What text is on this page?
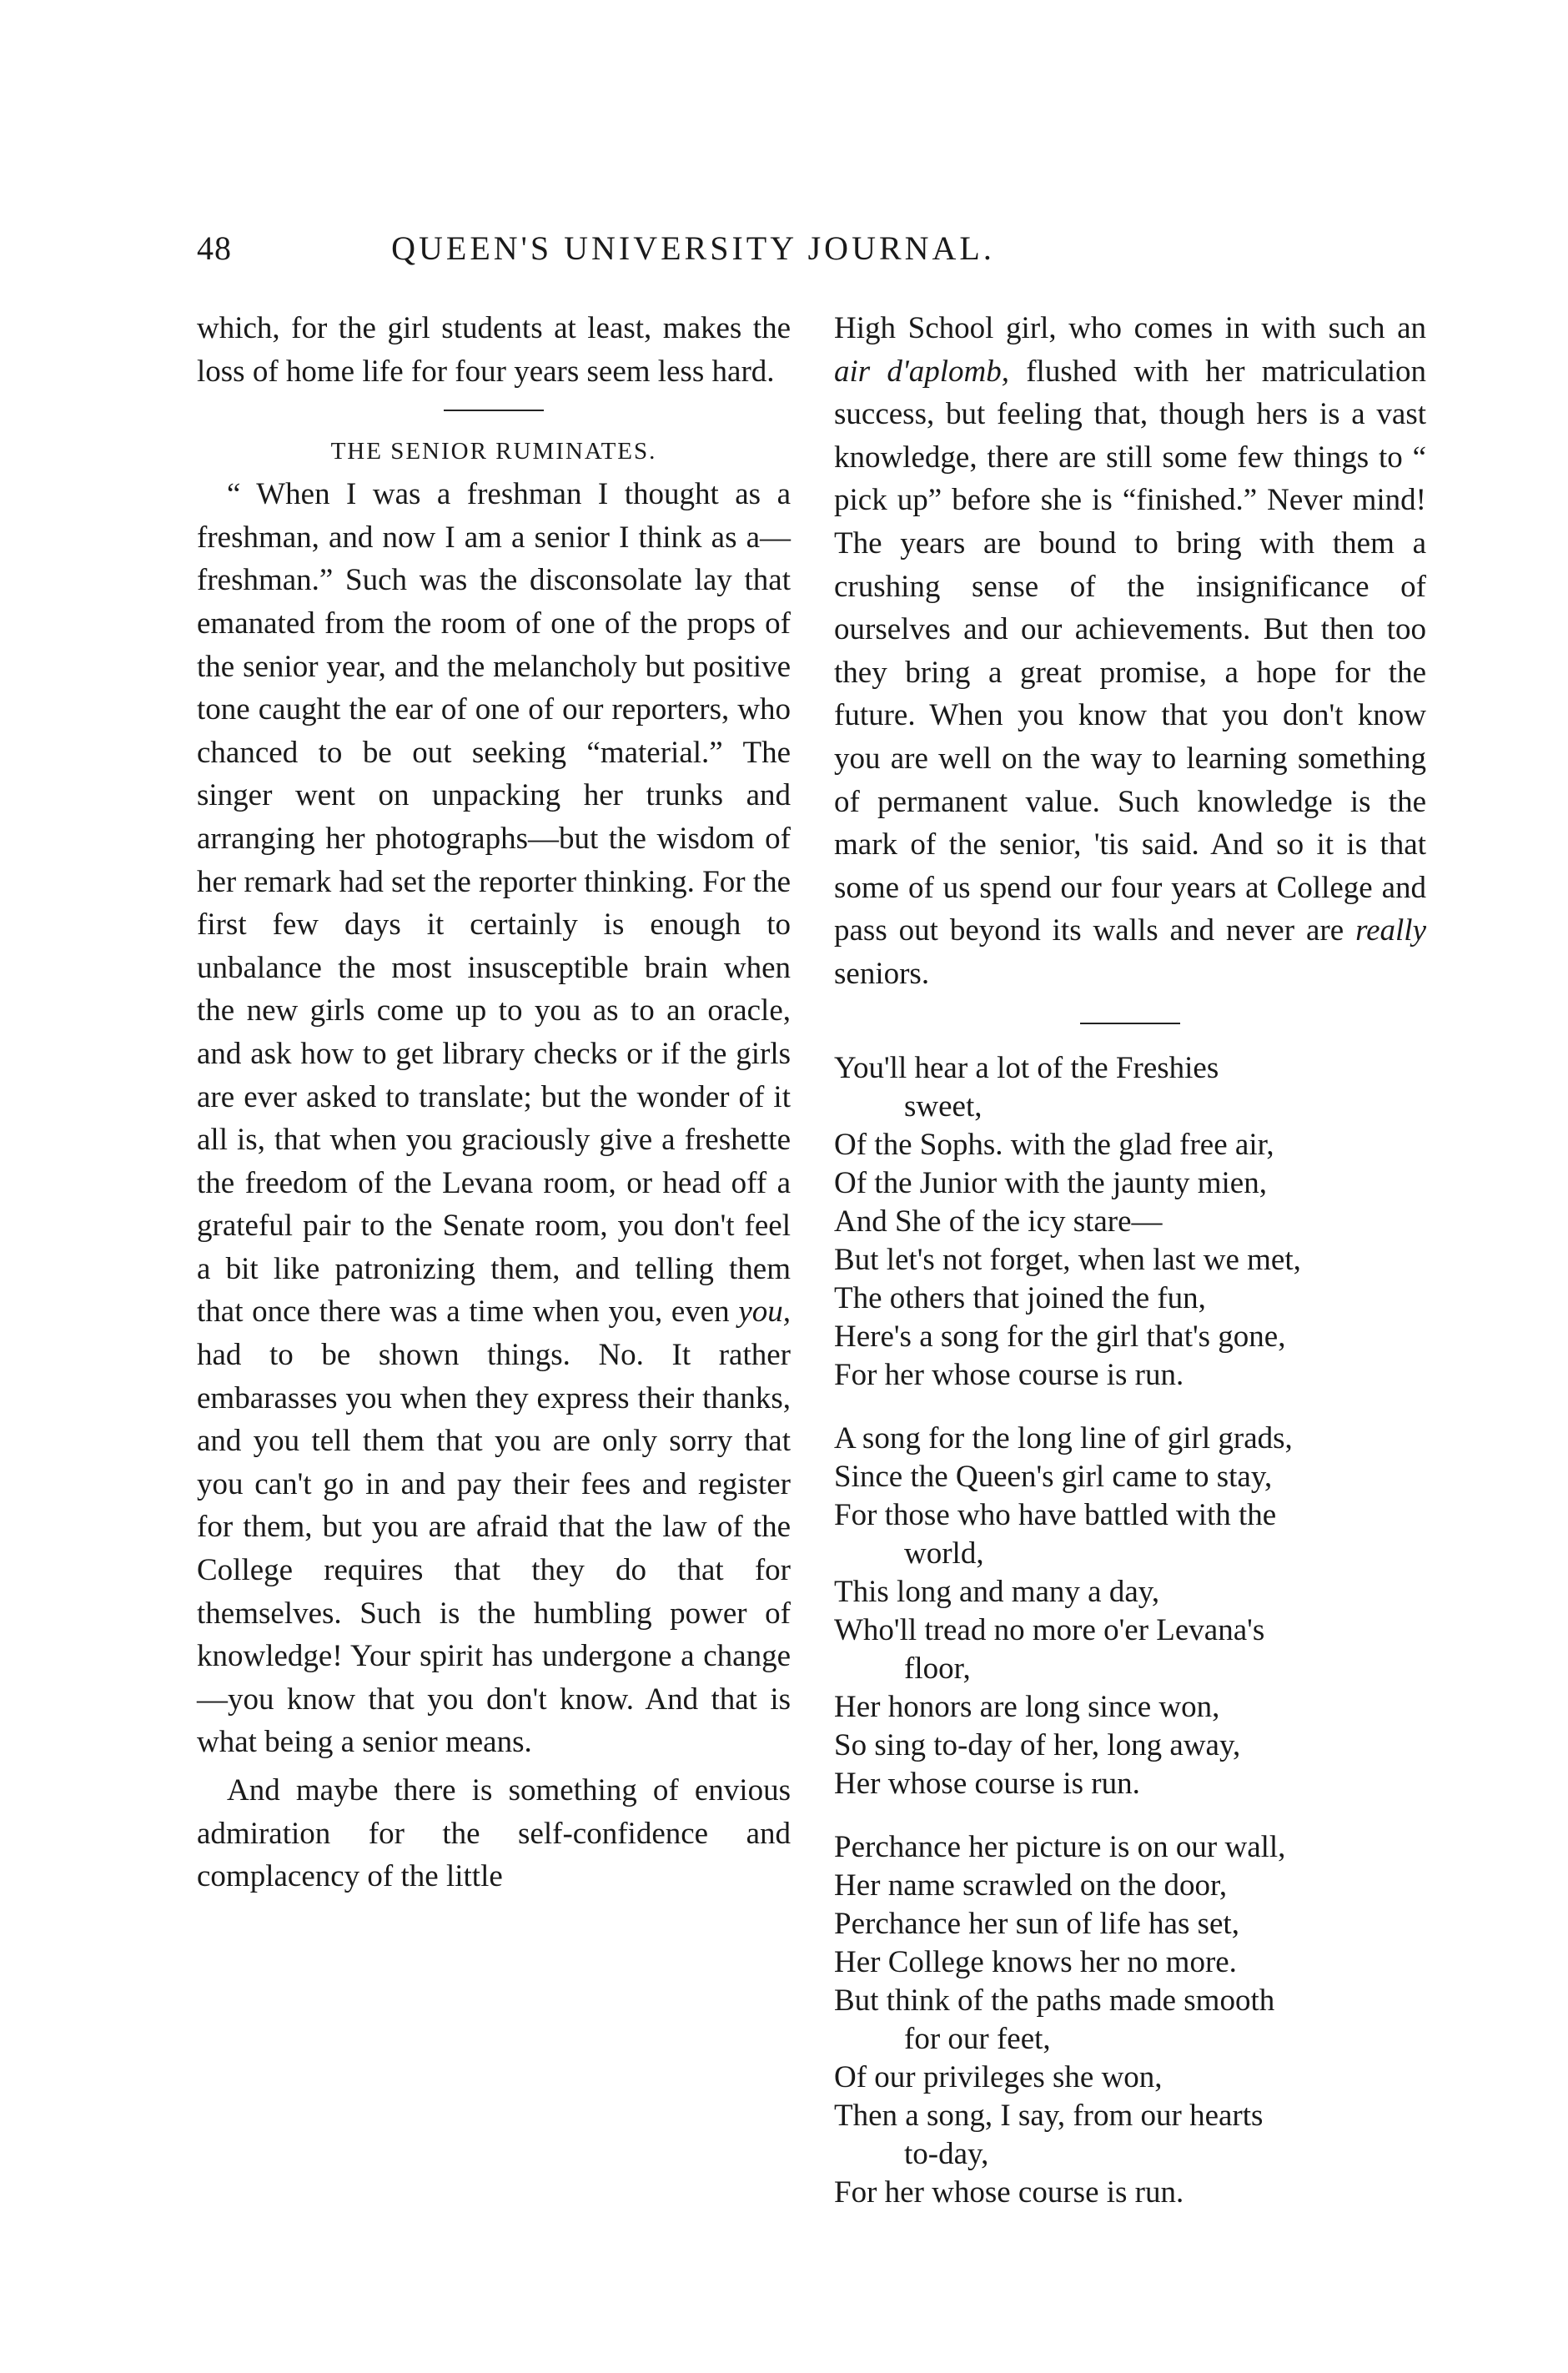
48	QUEEN'S UNIVERSITY JOURNAL.

which, for the girl students at least, makes the loss of home life for four years seem less hard.

THE SENIOR RUMINATES.

“ When I was a freshman I thought as a freshman, and now I am a senior I think as a—freshman.” Such was the disconsolate lay that emanated from the room of one of the props of the senior year, and the melancholy but positive tone caught the ear of one of our reporters, who chanced to be out seeking “material.” The singer went on unpacking her trunks and arranging her photographs—but the wisdom of her remark had set the reporter thinking. For the first few days it certainly is enough to unbalance the most insusceptible brain when the new girls come up to you as to an oracle, and ask how to get library checks or if the girls are ever asked to translate; but the wonder of it all is, that when you graciously give a freshette the freedom of the Levana room, or head off a grateful pair to the Senate room, you don't feel a bit like patronizing them, and telling them that once there was a time when you, even you, had to be shown things. No. It rather embarasses you when they express their thanks, and you tell them that you are only sorry that you can't go in and pay their fees and register for them, but you are afraid that the law of the College requires that they do that for themselves. Such is the humbling power of knowledge! Your spirit has undergone a change—you know that you don't know. And that is what being a senior means.

And maybe there is something of envious admiration for the self-confidence and complacency of the little

High School girl, who comes in with such an air d'aplomb, flushed with her matriculation success, but feeling that, though hers is a vast knowledge, there are still some few things to “ pick up” before she is “finished.” Never mind! The years are bound to bring with them a crushing sense of the insignificance of ourselves and our achievements. But then too they bring a great promise, a hope for the future. When you know that you don't know you are well on the way to learning something of permanent value. Such knowledge is the mark of the senior, 'tis said. And so it is that some of us spend our four years at College and pass out beyond its walls and never are really seniors.

You'll hear a lot of the Freshies
sweet,
Of the Sophs. with the glad free air,
Of the Junior with the jaunty mien,
And She of the icy stare—
But let's not forget, when last we met,
The others that joined the fun,
Here's a song for the girl that's gone,
For her whose course is run.
A song for the long line of girl grads,
Since the Queen's girl came to stay,
For those who have battled with the
world,
This long and many a day,
Who'll tread no more o'er Levana's
floor,
Her honors are long since won,
So sing to-day of her, long away,
Her whose course is run.
Perchance her picture is on our wall,
Her name scrawled on the door,
Perchance her sun of life has set,
Her College knows her no more.
But think of the paths made smooth
for our feet,
Of our privileges she won,
Then a song, I say, from our hearts
to-day,
For her whose course is run.
